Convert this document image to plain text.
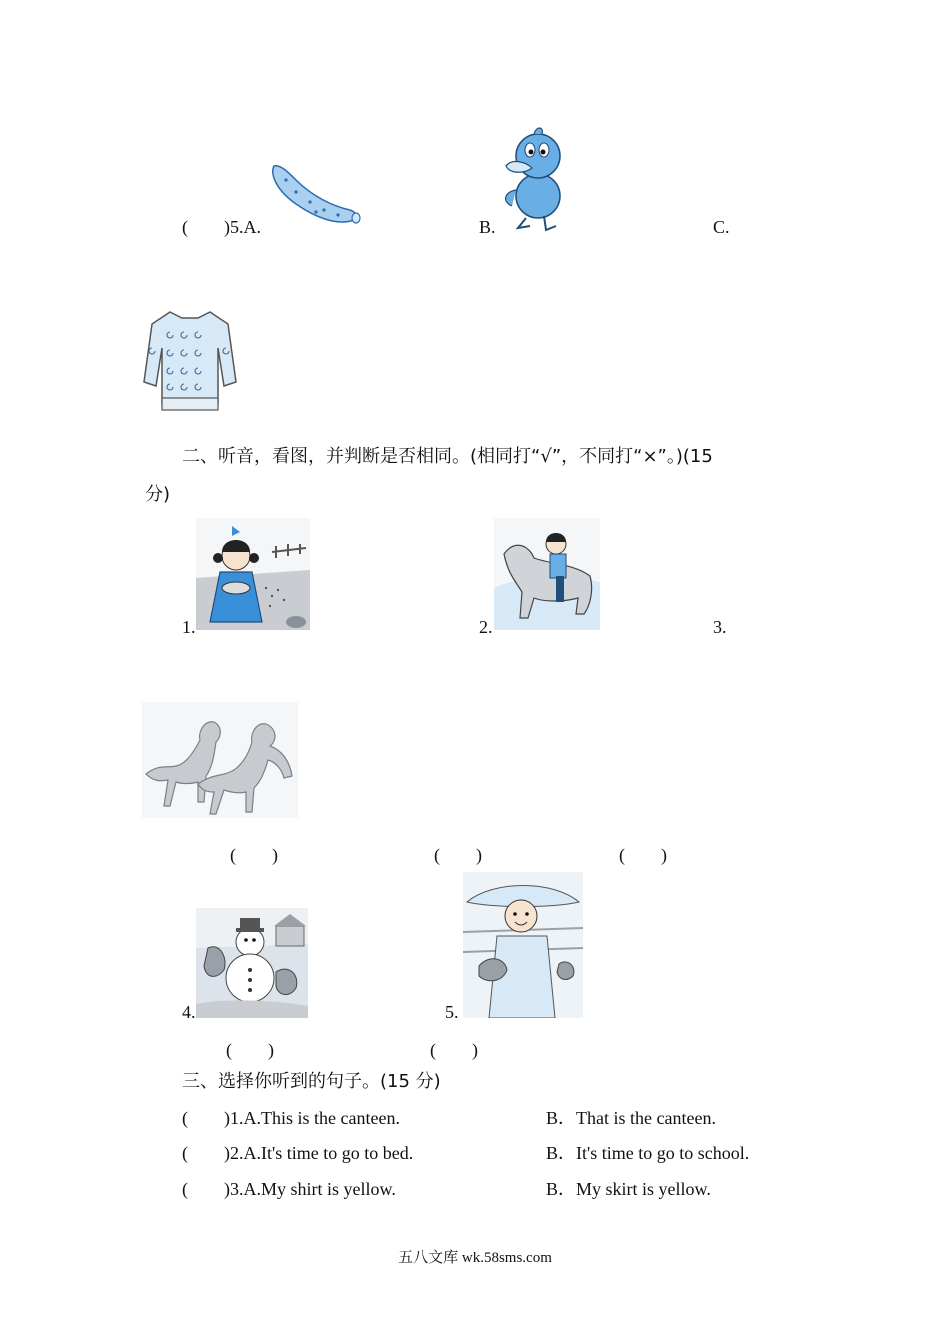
(　　)5.A.	B.	C.
二、听音，看图，并判断是否相同。(相同打“√”，不同打“×”。)(15
分)
1.	2.	3.
(　　)	(　　)	(　　)
4.	5.
(　　)	(　　)
三、选择你听到的句子。(15 分)
(　　)1.A.This is the canteen.	B．That is the canteen.
(　　)2.A.It's time to go to bed.	B．It's time to go to school.
(　　)3.A.My shirt is yellow.	B．My skirt is yellow.
五八文库 wk.58sms.com
